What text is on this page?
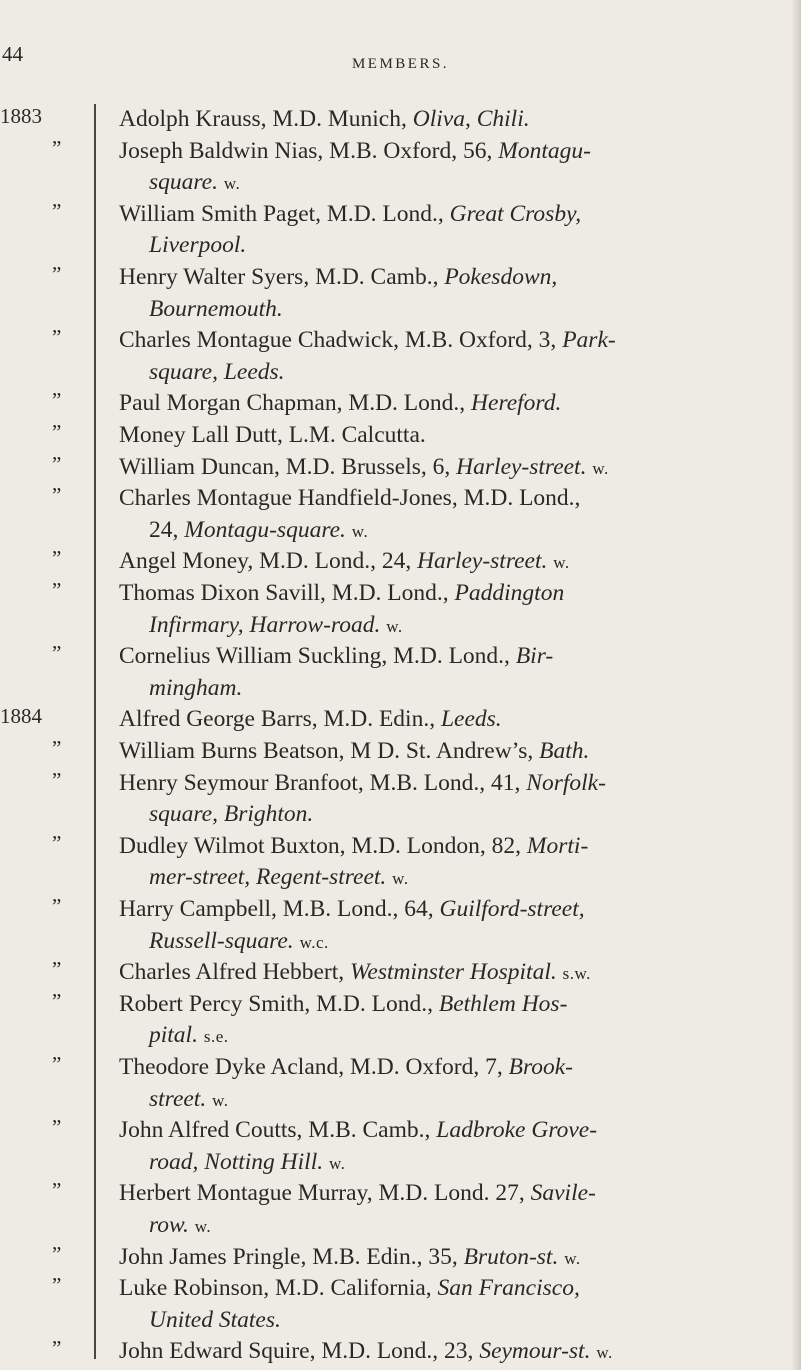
44	MEMBERS.
1883
”
”
”
”
”
”
”
”
”
”
”
1884
”
”
”
”
”
”
”
”
”
”
”
”
Adolph Krauss, M.D. Munich, Oliva, Chili.
Joseph Baldwin Nias, M.B. Oxford, 56, Montagu-
square. w.
William Smith Paget, M.D. Lond., Great Crosby,
Liverpool.
Henry Walter Syers, M.D. Camb., Pokesdown,
Bournemouth.
Charles Montague Chadwick, M.B. Oxford, 3, Park-
square, Leeds.
Paul Morgan Chapman, M.D. Lond., Hereford.
Money Lall Dutt, L.M. Calcutta.
William Duncan, M.D. Brussels, 6, Harley-street. w.
Charles Montague Handfield-Jones, M.D. Lond.,
24, Montagu-square. w.
Angel Money, M.D. Lond., 24, Harley-street. w.
Thomas Dixon Savill, M.D. Lond., Paddington
Infirmary, Harrow-road. w.
Cornelius William Suckling, M.D. Lond., Bir-
mingham.
Alfred George Barrs, M.D. Edin., Leeds.
William Burns Beatson, M D. St. Andrew’s, Bath.
Henry Seymour Branfoot, M.B. Lond., 41, Norfolk-
square, Brighton.
Dudley Wilmot Buxton, M.D. London, 82, Morti-
mer-street, Regent-street. w.
Harry Campbell, M.B. Lond., 64, Guilford-street,
Russell-square. w.c.
Charles Alfred Hebbert, Westminster Hospital. s.w.
Robert Percy Smith, M.D. Lond., Bethlem Hos-
pital. s.e.
Theodore Dyke Acland, M.D. Oxford, 7, Brook-
street. w.
John Alfred Coutts, M.B. Camb., Ladbroke Grove-
road, Notting Hill. w.
Herbert Montague Murray, M.D. Lond. 27, Savile-
row. w.
John James Pringle, M.B. Edin., 35, Bruton-st. w.
Luke Robinson, M.D. California, San Francisco,
United States.
John Edward Squire, M.D. Lond., 23, Seymour-st. w.
